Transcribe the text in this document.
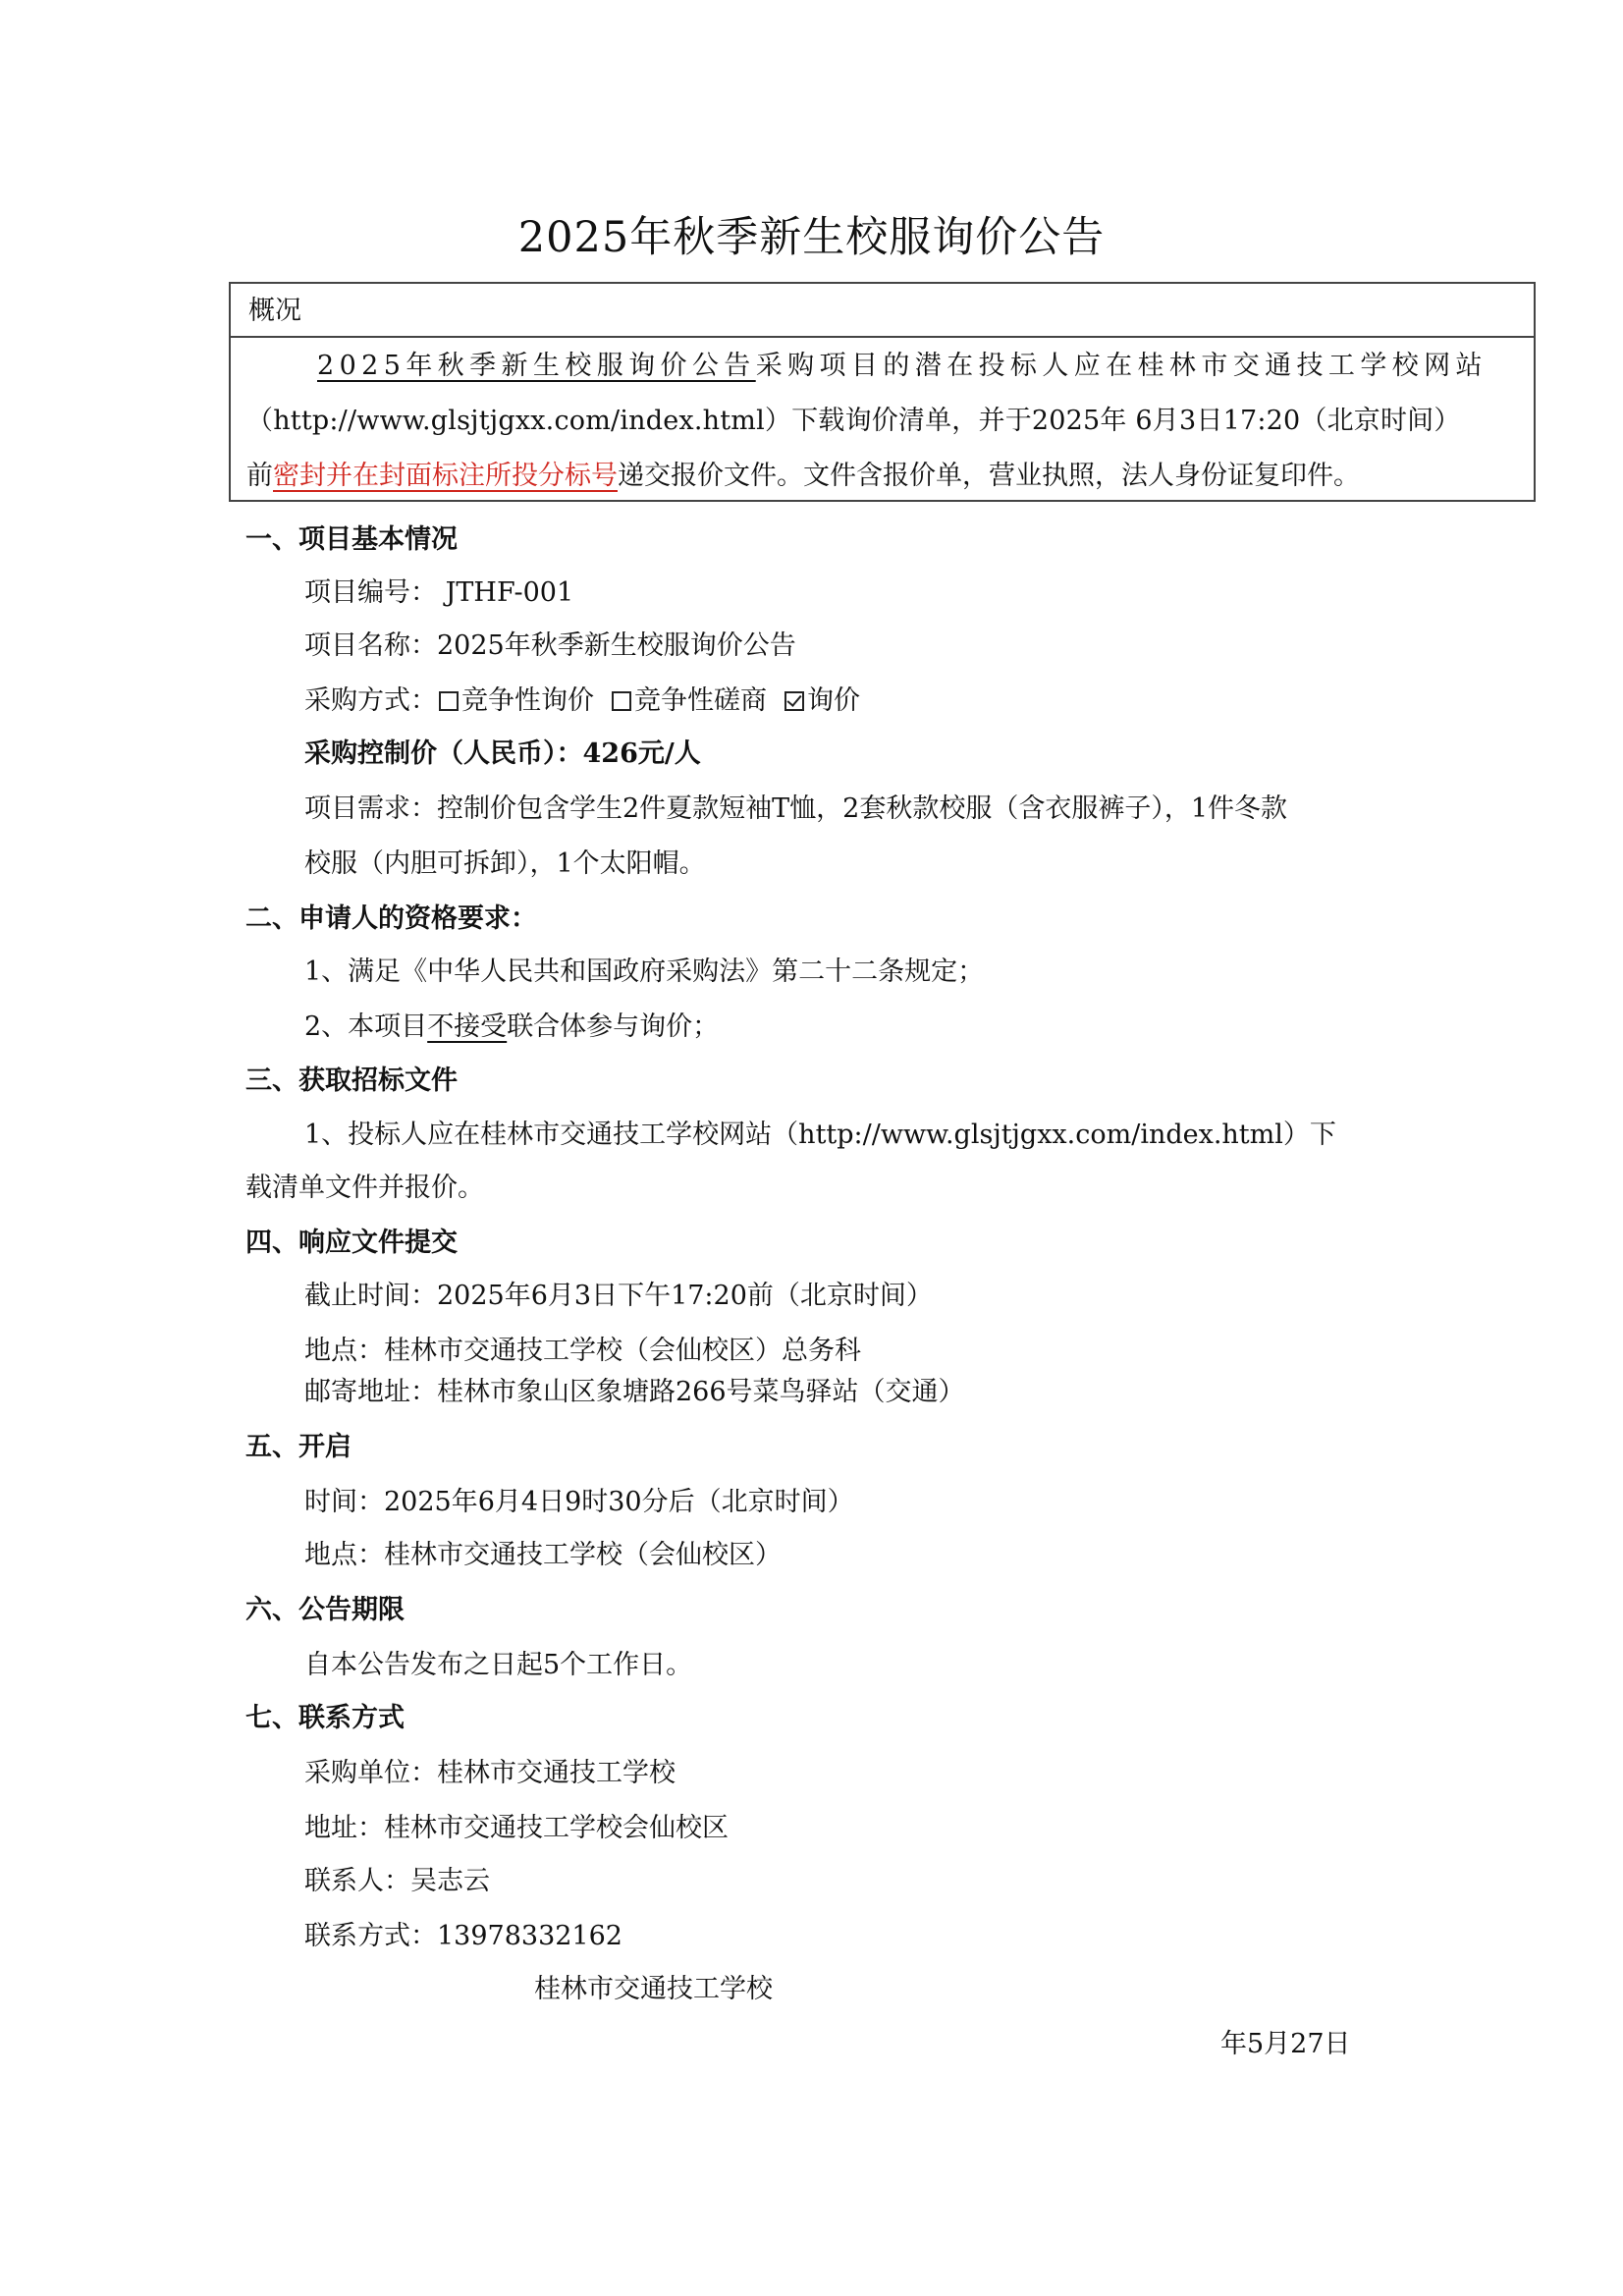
2025年秋季新生校服询价公告
概况
2025年秋季新生校服询价公告采购项目的潜在投标人应在桂林市交通技工学校网站
（http://www.glsjtjgxx.com/index.html）下载询价清单，并于2025年 6月3日17:20（北京时间）
前密封并在封面标注所投分标号递交报价文件。文件含报价单，营业执照，法人身份证复印件。
一、项目基本情况
项目编号： JTHF-001
项目名称：2025年秋季新生校服询价公告
采购方式： 竞争性询价 竞争性磋商 询价
采购控制价（人民币）：426元/人
项目需求：控制价包含学生2件夏款短袖T恤，2套秋款校服（含衣服裤子），1件冬款
校服（内胆可拆卸），1个太阳帽。
二、申请人的资格要求：
1、满足《中华人民共和国政府采购法》第二十二条规定；
2、本项目不接受联合体参与询价；
三、获取招标文件
1、投标人应在桂林市交通技工学校网站（http://www.glsjtjgxx.com/index.html）下
载清单文件并报价。
四、响应文件提交
截止时间：2025年6月3日下午17:20前（北京时间）
地点：桂林市交通技工学校（会仙校区）总务科
邮寄地址：桂林市象山区象塘路266号菜鸟驿站（交通）
五、开启
时间：2025年6月4日9时30分后（北京时间）
地点：桂林市交通技工学校（会仙校区）
六、公告期限
自本公告发布之日起5个工作日。
七、联系方式
采购单位：桂林市交通技工学校
地址：桂林市交通技工学校会仙校区
联系人：吴志云
联系方式：13978332162
桂林市交通技工学校
年5月27日
